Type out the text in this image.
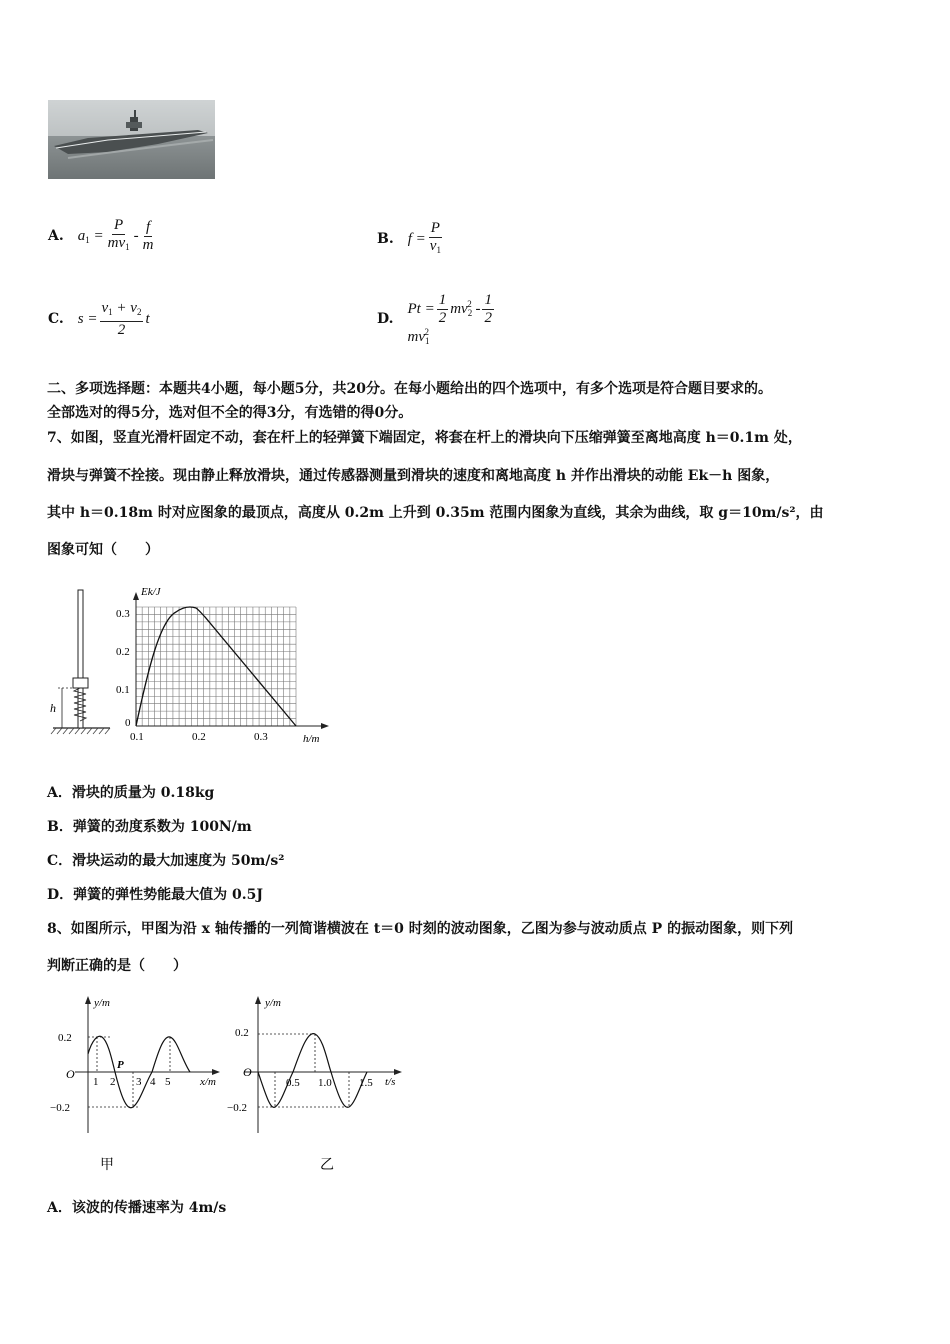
A. $a_1 = \frac{P}{mv_1} - \frac{f}{m}$	B. $f = \frac{P}{v_1}$
C. $s = \frac{v_1 + v_2}{2}$ t	D.
$Pt = \frac{1}{2} mv_2^2 - \frac{1}{2}$
$mv_1^2$
二、多项选择题：本题共4小题，每小题5分，共20分。在每小题给出的四个选项中，有多个选项是符合题目要求的。
全部选对的得5分，选对但不全的得3分，有选错的得0分。
7、如图，竖直光滑杆固定不动，套在杆上的轻弹簧下端固定，将套在杆上的滑块向下压缩弹簧至离地高度 h＝0.1m 处，
滑块与弹簧不拴接。现由静止释放滑块，通过传感器测量到滑块的速度和离地高度 h 并作出滑块的动能 Ek－h 图象，
其中 h＝0.18m 时对应图象的最顶点，高度从 0.2m 上升到 0.35m 范围内图象为直线，其余为曲线，取 g＝10m/s²，由
图象可知（　　）
h
Ek/J
h/m
0.3
0.2
0.1
0
0.1	0.2	0.3
A．滑块的质量为 0.18kg
B．弹簧的劲度系数为 100N/m
C．滑块运动的最大加速度为 50m/s²
D．弹簧的弹性势能最大值为 0.5J
8、如图所示，甲图为沿 x 轴传播的一列简谐横波在 t＝0 时刻的波动图象，乙图为参与波动质点 P 的振动图象，则下列
判断正确的是（　　）
y/m
x/m
O
0.2
−0.2
1 2 3 4 5
P
甲
y/m
t/s
O
0.2
−0.2
0.5 1.0 1.5
乙
A．该波的传播速率为 4m/s
